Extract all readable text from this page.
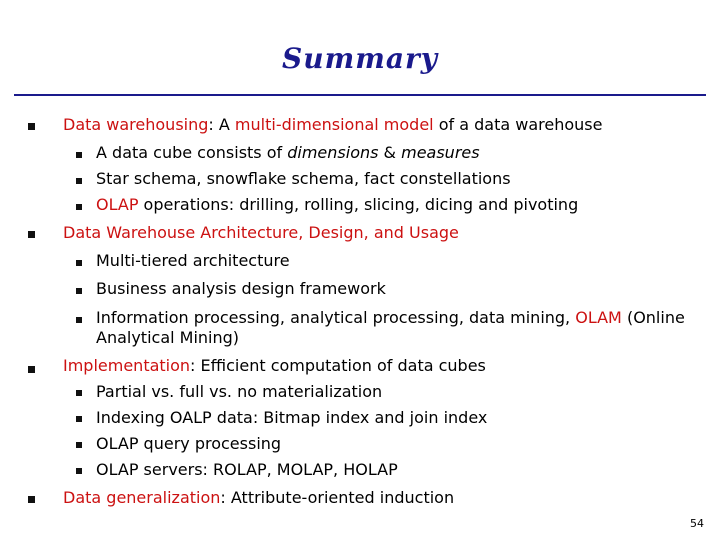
Summary
Data warehousing: A multi-dimensional model of a data warehouse
A data cube consists of dimensions & measures
Star schema, snowflake schema, fact constellations
OLAP operations: drilling, rolling, slicing, dicing and pivoting
Data Warehouse Architecture, Design, and Usage
Multi-tiered architecture
Business analysis design framework
Information processing, analytical processing, data mining, OLAM (Online Analytical Mining)
Implementation: Efficient computation of data cubes
Partial vs. full vs. no materialization
Indexing OALP data: Bitmap index and join index
OLAP query processing
OLAP servers: ROLAP, MOLAP, HOLAP
Data generalization: Attribute-oriented induction
54
